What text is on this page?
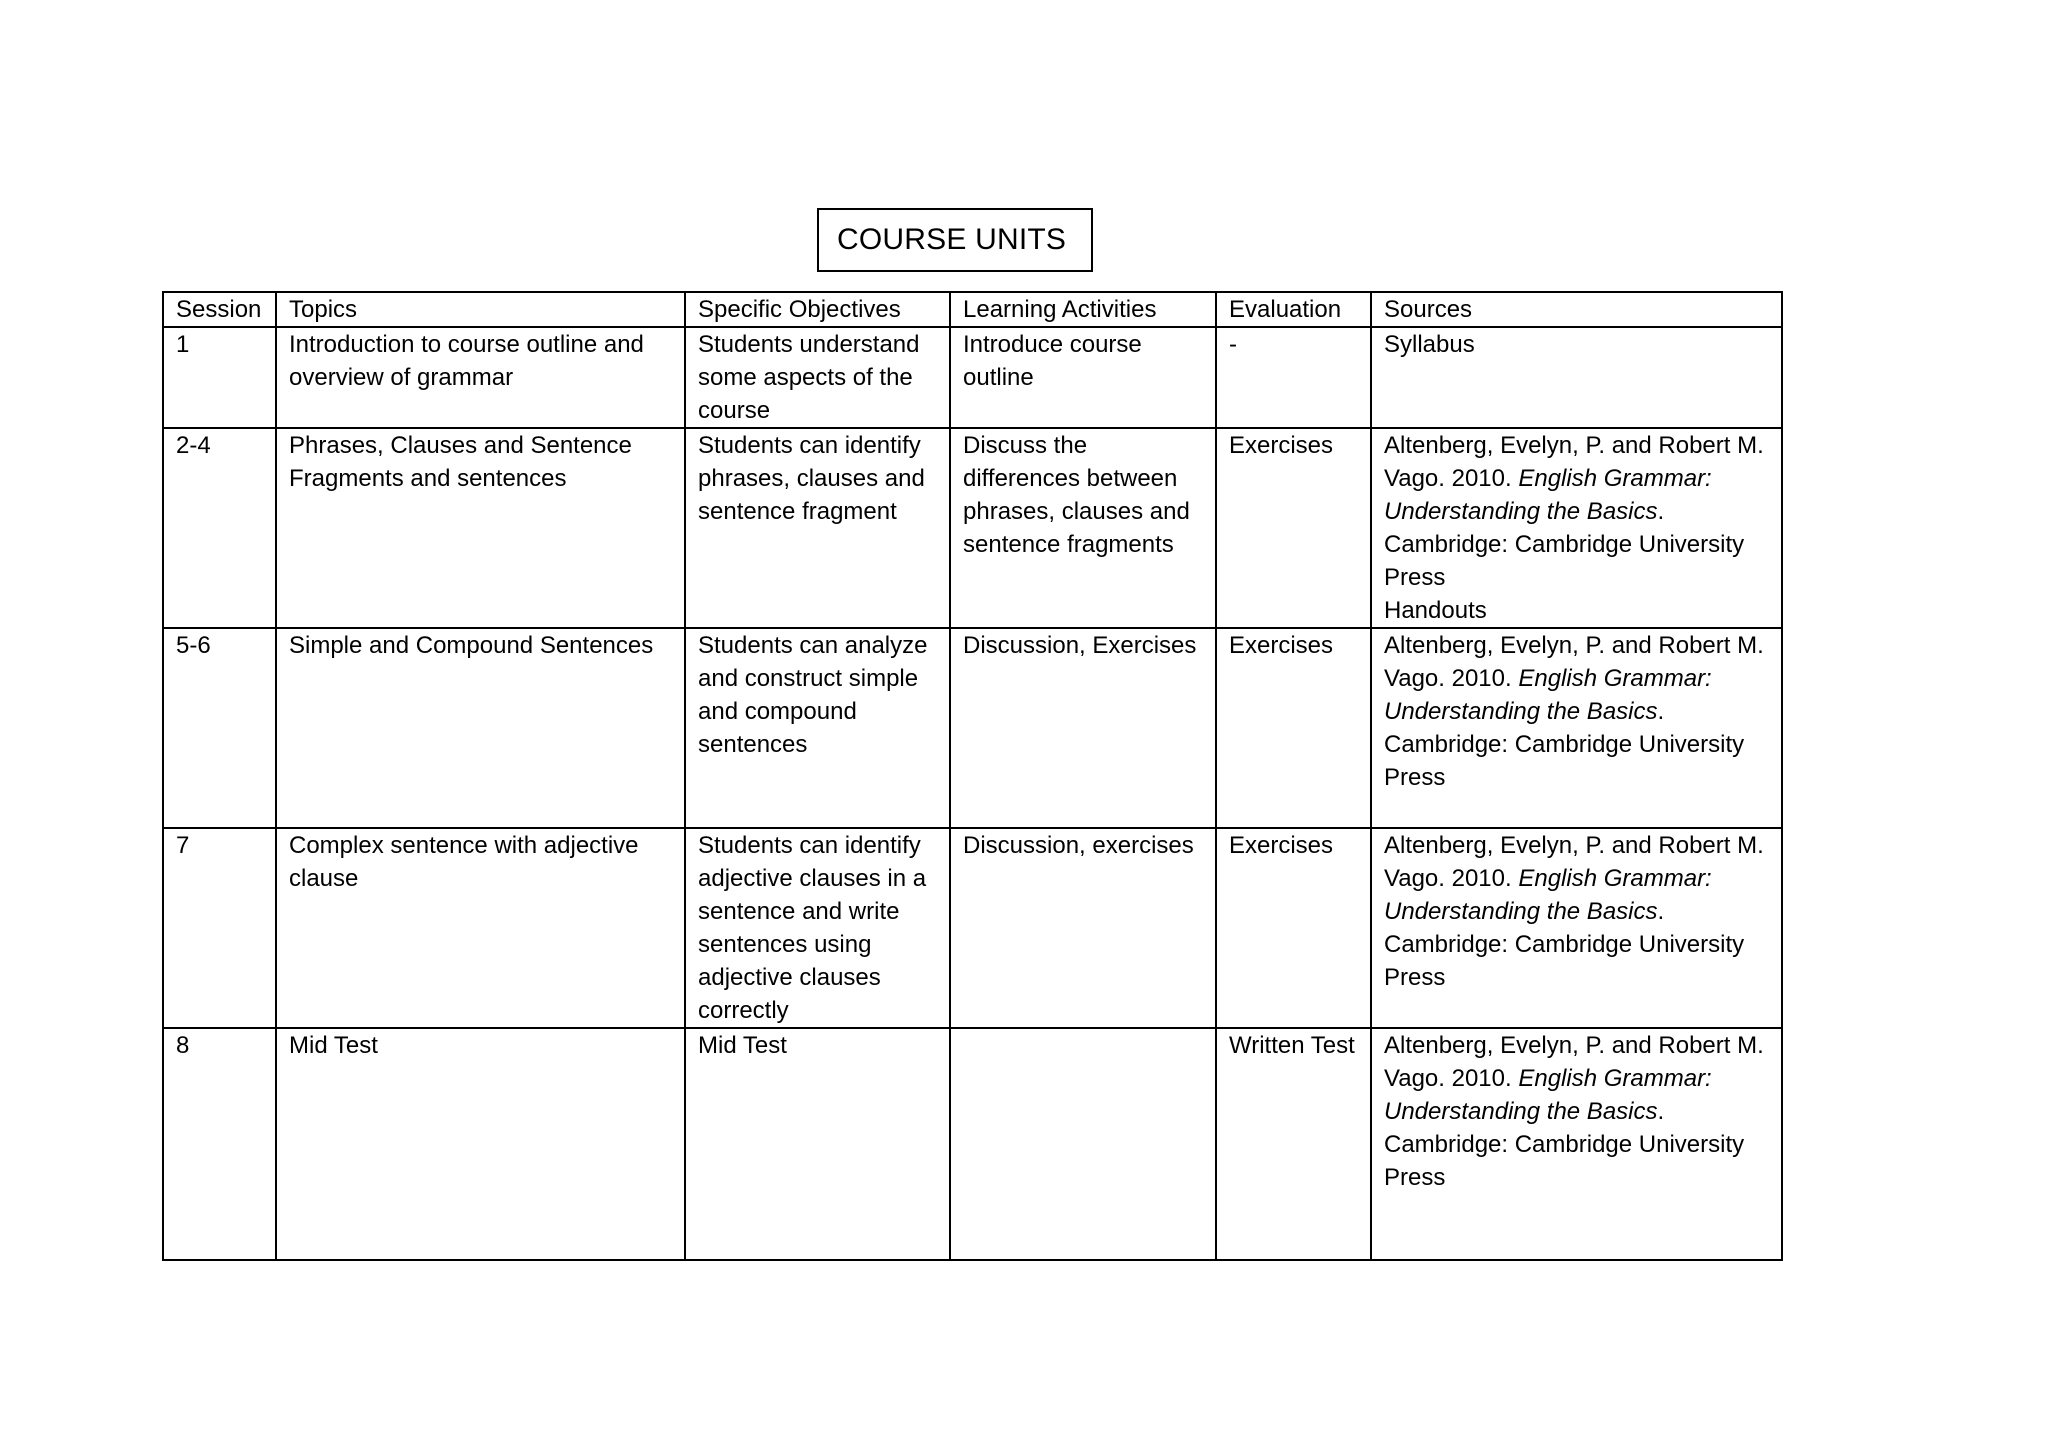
COURSE UNITS
Session	Topics	Specific Objectives	Learning Activities	Evaluation	Sources
1	Introduction to course outline and overview of grammar	Students understand some aspects of the course	Introduce course outline	-	Syllabus

2-4	Phrases, Clauses and Sentence Fragments and sentences	Students can identify phrases, clauses and sentence fragment	Discuss the differences between phrases, clauses and sentence fragments	Exercises	Altenberg, Evelyn, P. and Robert M. Vago. 2010. English Grammar: Understanding the Basics.
Cambridge: Cambridge University Press
Handouts

5-6	Simple and Compound Sentences	Students can analyze and construct simple and compound sentences	Discussion, Exercises	Exercises	Altenberg, Evelyn, P. and Robert M. Vago. 2010. English Grammar: Understanding the Basics.
Cambridge: Cambridge University Press

7	Complex sentence with adjective clause	Students can identify adjective clauses in a sentence and write sentences using adjective clauses correctly	Discussion, exercises	Exercises	Altenberg, Evelyn, P. and Robert M. Vago. 2010. English Grammar: Understanding the Basics.
Cambridge: Cambridge University Press

8	Mid Test	Mid Test		Written Test	Altenberg, Evelyn, P. and Robert M. Vago. 2010. English Grammar: Understanding the Basics.
Cambridge: Cambridge University Press
